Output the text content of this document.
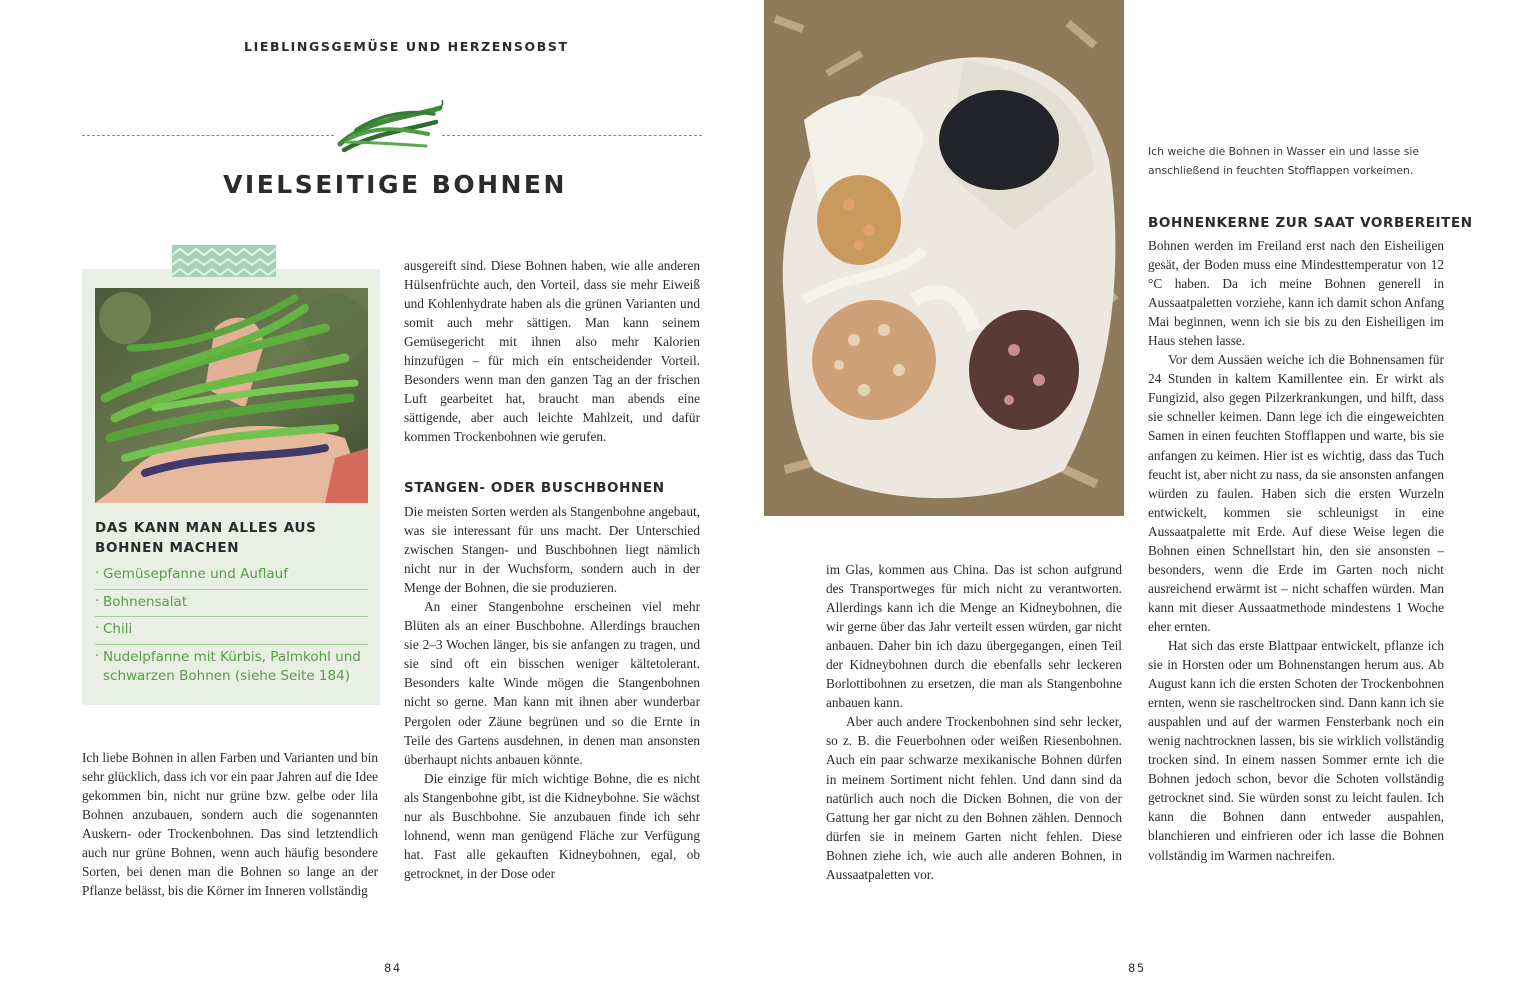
LIEBLINGSGEMÜSE UND HERZENSOBST
VIELSEITIGE BOHNEN
DAS KANN MAN ALLES AUS BOHNEN MACHEN
· Gemüsepfanne und Auflauf
· Bohnensalat
· Chili
· Nudelpfanne mit Kürbis, Palmkohl und schwarzen Bohnen (siehe Seite 184)

Ich liebe Bohnen in allen Farben und Varianten und bin sehr glücklich, dass ich vor ein paar Jahren auf die Idee gekommen bin, nicht nur grüne bzw. gelbe oder lila Bohnen anzubauen, sondern auch die sogenannten Auskern- oder Trockenbohnen. Das sind letztendlich auch nur grüne Bohnen, wenn auch häufig besondere Sorten, bei denen man die Bohnen so lange an der Pflanze belässt, bis die Körner im Inneren vollständig

ausgereift sind. Diese Bohnen haben, wie alle anderen Hülsenfrüchte auch, den Vorteil, dass sie mehr Eiweiß und Kohlenhydrate haben als die grünen Varianten und somit auch mehr sättigen. Man kann seinem Gemüsegericht mit ihnen also mehr Kalorien hinzufügen – für mich ein entscheidender Vorteil. Besonders wenn man den ganzen Tag an der frischen Luft gearbeitet hat, braucht man abends eine sättigende, aber auch leichte Mahlzeit, und dafür kommen Trockenbohnen wie gerufen.

STANGEN- ODER BUSCHBOHNEN

Die meisten Sorten werden als Stangenbohne angebaut, was sie interessant für uns macht. Der Unterschied zwischen Stangen- und Buschbohnen liegt nämlich nicht nur in der Wuchsform, sondern auch in der Menge der Bohnen, die sie produzieren.

An einer Stangenbohne erscheinen viel mehr Blüten als an einer Buschbohne. Allerdings brauchen sie 2–3 Wochen länger, bis sie anfangen zu tragen, und sie sind oft ein bisschen weniger kältetolerant. Besonders kalte Winde mögen die Stangenbohnen nicht so gerne. Man kann mit ihnen aber wunderbar Pergolen oder Zäune begrünen und so die Ernte in Teile des Gartens ausdehnen, in denen man ansonsten überhaupt nichts anbauen könnte.

Die einzige für mich wichtige Bohne, die es nicht als Stangenbohne gibt, ist die Kidneybohne. Sie wächst nur als Buschbohne. Sie anzubauen finde ich sehr lohnend, wenn man genügend Fläche zur Verfügung hat. Fast alle gekauften Kidneybohnen, egal, ob getrocknet, in der Dose oder

Ich weiche die Bohnen in Wasser ein und lasse sie anschließend in feuchten Stofflappen vorkeimen.

im Glas, kommen aus China. Das ist schon aufgrund des Transportweges für mich nicht zu verantworten. Allerdings kann ich die Menge an Kidneybohnen, die wir gerne über das Jahr verteilt essen würden, gar nicht anbauen. Daher bin ich dazu übergegangen, einen Teil der Kidneybohnen durch die ebenfalls sehr leckeren Borlottibohnen zu ersetzen, die man als Stangenbohne anbauen kann.

Aber auch andere Trockenbohnen sind sehr lecker, so z. B. die Feuerbohnen oder weißen Riesenbohnen. Auch ein paar schwarze mexikanische Bohnen dürfen in meinem Sortiment nicht fehlen. Und dann sind da natürlich auch noch die Dicken Bohnen, die von der Gattung her gar nicht zu den Bohnen zählen. Dennoch dürfen sie in meinem Garten nicht fehlen. Diese Bohnen ziehe ich, wie auch alle anderen Bohnen, in Aussaatpaletten vor.

BOHNENKERNE ZUR SAAT VORBEREITEN

Bohnen werden im Freiland erst nach den Eisheiligen gesät, der Boden muss eine Mindesttemperatur von 12 °C haben. Da ich meine Bohnen generell in Aussaatpaletten vorziehe, kann ich damit schon Anfang Mai beginnen, wenn ich sie bis zu den Eisheiligen im Haus stehen lasse.

Vor dem Aussäen weiche ich die Bohnensamen für 24 Stunden in kaltem Kamillentee ein. Er wirkt als Fungizid, also gegen Pilzerkrankungen, und hilft, dass sie schneller keimen. Dann lege ich die eingeweichten Samen in einen feuchten Stofflappen und warte, bis sie anfangen zu keimen. Hier ist es wichtig, dass das Tuch feucht ist, aber nicht zu nass, da sie ansonsten anfangen würden zu faulen. Haben sich die ersten Wurzeln entwickelt, kommen sie schleunigst in eine Aussaatpalette mit Erde. Auf diese Weise legen die Bohnen einen Schnellstart hin, den sie ansonsten – besonders, wenn die Erde im Garten noch nicht ausreichend erwärmt ist – nicht schaffen würden. Man kann mit dieser Aussaatmethode mindestens 1 Woche eher ernten.

Hat sich das erste Blattpaar entwickelt, pflanze ich sie in Horsten oder um Bohnenstangen herum aus. Ab August kann ich die ersten Schoten der Trockenbohnen ernten, wenn sie rascheltrocken sind. Dann kann ich sie auspahlen und auf der warmen Fensterbank noch ein wenig nachtrocknen lassen, bis sie wirklich vollständig trocken sind. In einem nassen Sommer ernte ich die Bohnen jedoch schon, bevor die Schoten vollständig getrocknet sind. Sie würden sonst zu leicht faulen. Ich kann die Bohnen dann entweder auspahlen, blanchieren und einfrieren oder ich lasse die Bohnen vollständig im Warmen nachreifen.

84	85
